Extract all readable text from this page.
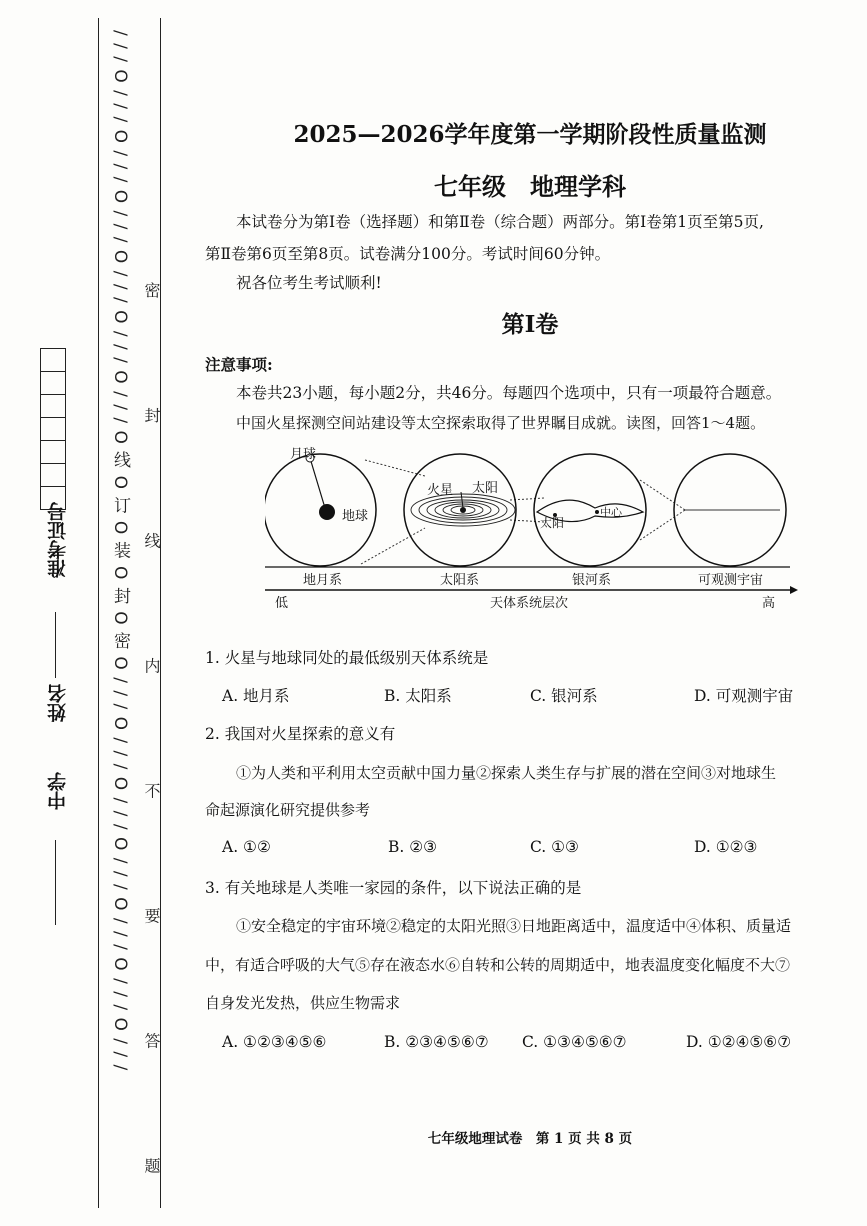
/ / / O / / / O / / / O / / / O / / / O / / / O / / / O 线 O 订 O 装 O 封 O 密 O / / / O / / / O / / / O / / / O / / / O / / / O / / / 密 封 线 内 不 要 答 题
中学
姓名
准考证号
2025—2026学年度第一学期阶段性质量监测
七年级　地理学科
本试卷分为第Ⅰ卷（选择题）和第Ⅱ卷（综合题）两部分。第Ⅰ卷第1页至第5页,
第Ⅱ卷第6页至第8页。试卷满分100分。考试时间60分钟。
祝各位考生考试顺利!
第Ⅰ卷
注意事项:
本卷共23小题，每小题2分，共46分。每题四个选项中，只有一项最符合题意。
中国火星探测空间站建设等太空探索取得了世界瞩目成就。读图，回答1～4题。
月球
地球
火星 太阳
太阳
中心
地月系	太阳系	银河系	可观测宇宙
低	天体系统层次	高
1. 火星与地球同处的最低级别天体系统是
A. 地月系	B. 太阳系	C. 银河系	D. 可观测宇宙
2. 我国对火星探索的意义有
①为人类和平利用太空贡献中国力量②探索人类生存与扩展的潜在空间③对地球生
命起源演化研究提供参考
A. ①②	B. ②③	C. ①③	D. ①②③
3. 有关地球是人类唯一家园的条件，以下说法正确的是
①安全稳定的宇宙环境②稳定的太阳光照③日地距离适中，温度适中④体积、质量适
中，有适合呼吸的大气⑤存在液态水⑥自转和公转的周期适中，地表温度变化幅度不大⑦
自身发光发热，供应生物需求
A. ①②③④⑤⑥	B. ②③④⑤⑥⑦ C. ①③④⑤⑥⑦	D. ①②④⑤⑥⑦
七年级地理试卷　第 1 页 共 8 页
